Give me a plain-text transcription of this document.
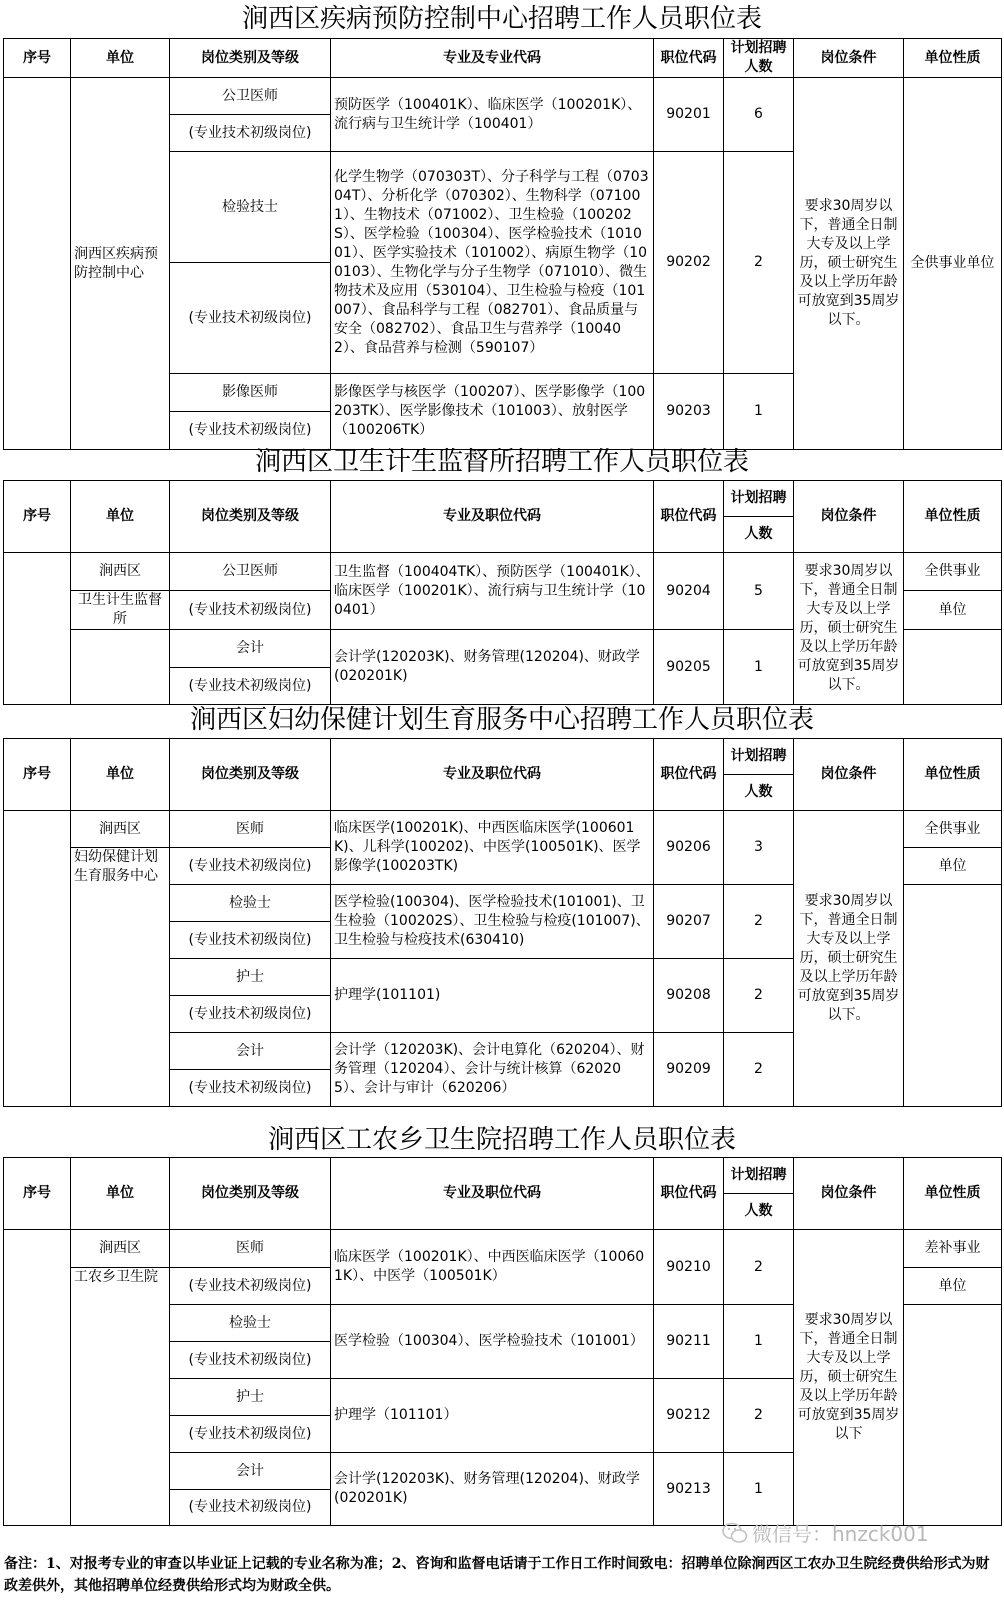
涧西区疾病预防控制中心招聘工作人员职位表
序号	单位	岗位类别及等级	专业及专业代码	职位代码	计划招聘人数	岗位条件	单位性质
	涧西区疾病预防控制中心	公卫医师	预防医学（100401K）、临床医学（100201K）、流行病与卫生统计学（100401）	90201	6	要求30周岁以下，普通全日制大专及以上学历，硕士研究生及以上学历年龄可放宽到35周岁以下。	全供事业单位
		(专业技术初级岗位)					
		检验技士	化学生物学（070303T）、分子科学与工程（070304T）、分析化学（070302）、生物科学（071001）、生物技术（071002）、卫生检验（100202S）、医学检验（100304）、医学检验技术（101001）、医学实验技术（101002）、病原生物学（100103）、生物化学与分子生物学（071010）、微生物技术及应用（530104）、卫生检验与检疫（101007）、食品科学与工程（082701）、食品质量与安全（082702）、食品卫生与营养学（100402）、食品营养与检测（590107）	90202	2		
		(专业技术初级岗位)					
		影像医师	影像医学与核医学（100207）、医学影像学（100203TK）、医学影像技术（101003）、放射医学（100206TK）	90203	1		
		(专业技术初级岗位)					
涧西区卫生计生监督所招聘工作人员职位表
序号	单位	岗位类别及等级	专业及职位代码	职位代码	计划招聘	岗位条件	单位性质
					人数		
	涧西区	公卫医师	卫生监督（100404TK）、预防医学（100401K）、临床医学（100201K）、流行病与卫生统计学（100401）	90204	5	要求30周岁以下，普通全日制大专及以上学历，硕士研究生及以上学历年龄可放宽到35周岁以下。	全供事业
	卫生计生监督所	(专业技术初级岗位)					单位
		会计	会计学(120203K)、财务管理(120204)、财政学(020201K)	90205	1		
		(专业技术初级岗位)					
涧西区妇幼保健计划生育服务中心招聘工作人员职位表
序号	单位	岗位类别及等级	专业及职位代码	职位代码	计划招聘	岗位条件	单位性质
					人数		
	涧西区	医师	临床医学(100201K)、中西医临床医学(100601K)、儿科学(100202)、中医学(100501K)、医学影像学(100203TK)	90206	3	要求30周岁以下，普通全日制大专及以上学历，硕士研究生及以上学历年龄可放宽到35周岁以下。	全供事业
	妇幼保健计划生育服务中心	(专业技术初级岗位)					单位
		检验士	医学检验(100304)、医学检验技术(101001)、卫生检验（100202S）、卫生检验与检疫(101007)、卫生检验与检疫技术(630410)	90207	2		
		(专业技术初级岗位)					
		护士	护理学(101101)	90208	2		
		(专业技术初级岗位)					
		会计	会计学（120203K)、会计电算化（620204）、财务管理（120204）、会计与统计核算（620205）、会计与审计（620206）	90209	2		
		(专业技术初级岗位)					
涧西区工农乡卫生院招聘工作人员职位表
序号	单位	岗位类别及等级	专业及职位代码	职位代码	计划招聘	岗位条件	单位性质
					人数		
	涧西区	医师	临床医学（100201K）、中西医临床医学（100601K）、中医学（100501K）	90210	2	要求30周岁以下，普通全日制大专及以上学历，硕士研究生及以上学历年龄可放宽到35周岁以下	差补事业
	工农乡卫生院	(专业技术初级岗位)					单位
		检验士	医学检验（100304）、医学检验技术（101001）	90211	1		
		(专业技术初级岗位)					
		护士	护理学（101101）	90212	2		
		(专业技术初级岗位)					
		会计	会计学(120203K)、财务管理(120204)、财政学(020201K)	90213	1		
		(专业技术初级岗位)					
微信号：hnzck001
备注：1、对报考专业的审查以毕业证上记载的专业名称为准；2、咨询和监督电话请于工作日工作时间致电：招聘单位除涧西区工农办卫生院经费供给形式为财政差供外，其他招聘单位经费供给形式均为财政全供。
